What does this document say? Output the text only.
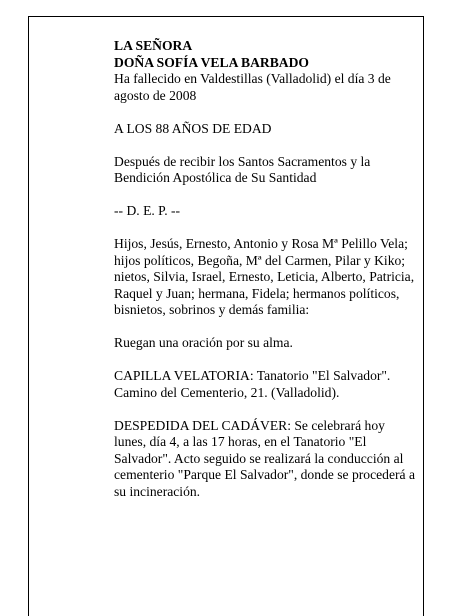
LA SEÑORA
DOÑA SOFÍA VELA BARBADO
Ha fallecido en Valdestillas (Valladolid) el día 3 de
agosto de 2008
A LOS 88 AÑOS DE EDAD
Después de recibir los Santos Sacramentos y la
Bendición Apostólica de Su Santidad
-- D. E. P. --
Hijos, Jesús, Ernesto, Antonio y Rosa Mª Pelillo Vela;
hijos políticos, Begoña, Mª del Carmen, Pilar y Kiko;
nietos, Silvia, Israel, Ernesto, Leticia, Alberto, Patricia,
Raquel y Juan; hermana, Fidela; hermanos políticos,
bisnietos, sobrinos y demás familia:
Ruegan una oración por su alma.
CAPILLA VELATORIA: Tanatorio "El Salvador".
Camino del Cementerio, 21. (Valladolid).
DESPEDIDA DEL CADÁVER: Se celebrará hoy
lunes, día 4, a las 17 horas, en el Tanatorio "El
Salvador". Acto seguido se realizará la conducción al
cementerio "Parque El Salvador", donde se procederá a
su incineración.
